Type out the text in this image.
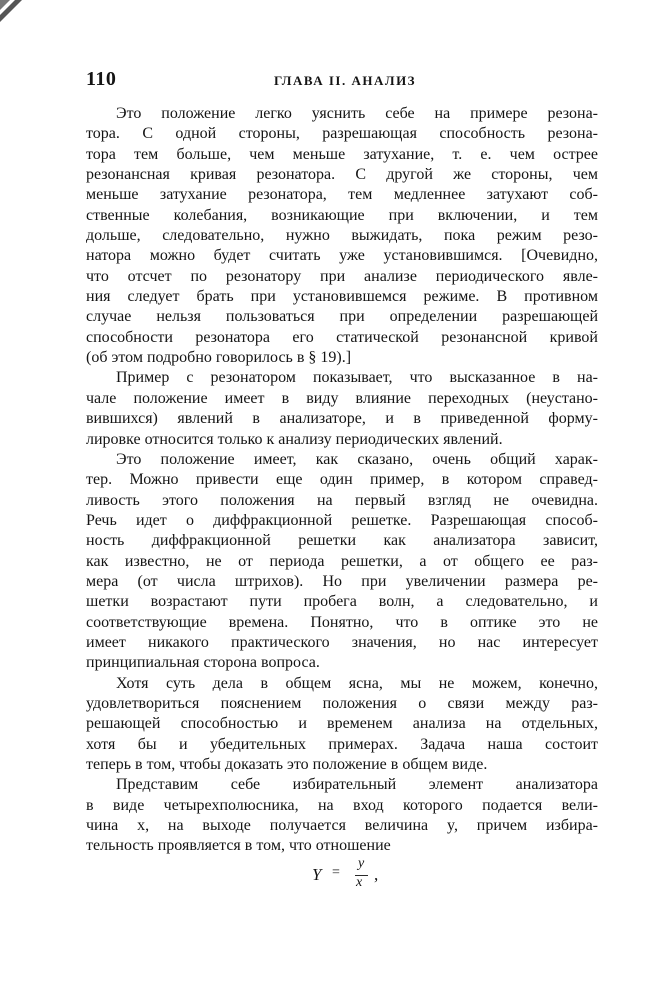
110	ГЛАВА II. АНАЛИЗ
Это положение легко уяснить себе на примере резона-
тора. С одной стороны, разрешающая способность резона-
тора тем больше, чем меньше затухание, т. е. чем острее
резонансная кривая резонатора. С другой же стороны, чем
меньше затухание резонатора, тем медленнее затухают соб-
ственные колебания, возникающие при включении, и тем
дольше, следовательно, нужно выжидать, пока режим резо-
натора можно будет считать уже установившимся. [Очевидно,
что отсчет по резонатору при анализе периодического явле-
ния следует брать при установившемся режиме. В противном
случае нельзя пользоваться при определении разрешающей
способности резонатора его статической резонансной кривой
(об этом подробно говорилось в § 19).]
Пример с резонатором показывает, что высказанное в на-
чале положение имеет в виду влияние переходных (неустано-
вившихся) явлений в анализаторе, и в приведенной форму-
лировке относится только к анализу периодических явлений.
Это положение имеет, как сказано, очень общий харак-
тер. Можно привести еще один пример, в котором справед-
ливость этого положения на первый взгляд не очевидна.
Речь идет о диффракционной решетке. Разрешающая способ-
ность диффракционной решетки как анализатора зависит,
как известно, не от периода решетки, а от общего ее раз-
мера (от числа штрихов). Но при увеличении размера ре-
шетки возрастают пути пробега волн, а следовательно, и
соответствующие времена. Понятно, что в оптике это не
имеет никакого практического значения, но нас интересует
принципиальная сторона вопроса.
Хотя суть дела в общем ясна, мы не можем, конечно,
удовлетвориться пояснением положения о связи между раз-
решающей способностью и временем анализа на отдельных,
хотя бы и убедительных примерах. Задача наша состоит
теперь в том, чтобы доказать это положение в общем виде.
Представим себе избирательный элемент анализатора
в виде четырехполюсника, на вход которого подается вели-
чина x, на выходе получается величина y, причем избира-
тельность проявляется в том, что отношение
Y =
y
x ,
